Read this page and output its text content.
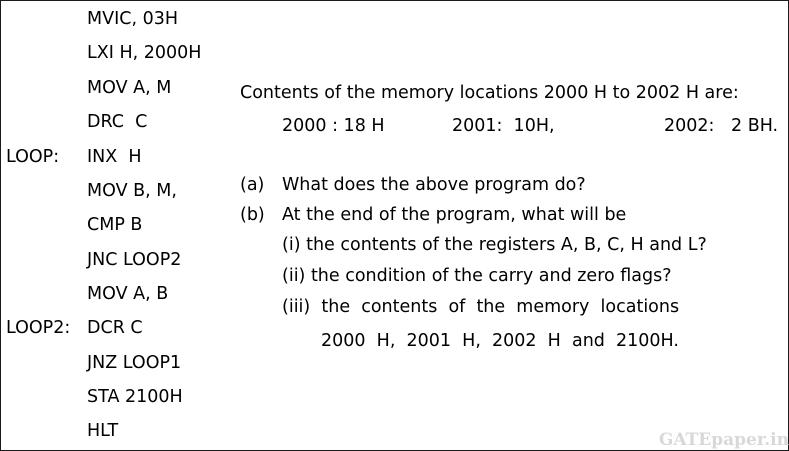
MVIC, 03H
LXI H, 2000H
MOV A, M
DRC  C
LOOP: INX  H
MOV B, M,
CMP B
JNC LOOP2
MOV A, B
LOOP2: DCR C
JNZ LOOP1
STA 2100H
HLT
Contents of the memory locations 2000 H to 2002 H are:
2000 : 18 H	2001:  10H,	2002: 2 BH.
(a) What does the above program do?
(b) At the end of the program, what will be
(i) the contents of the registers A, B, C, H and L?
(ii) the condition of the carry and zero flags?
(iii)  the  contents  of  the  memory  locations
2000  H,  2001  H,  2002  H  and  2100H.
GATEpaper.in
